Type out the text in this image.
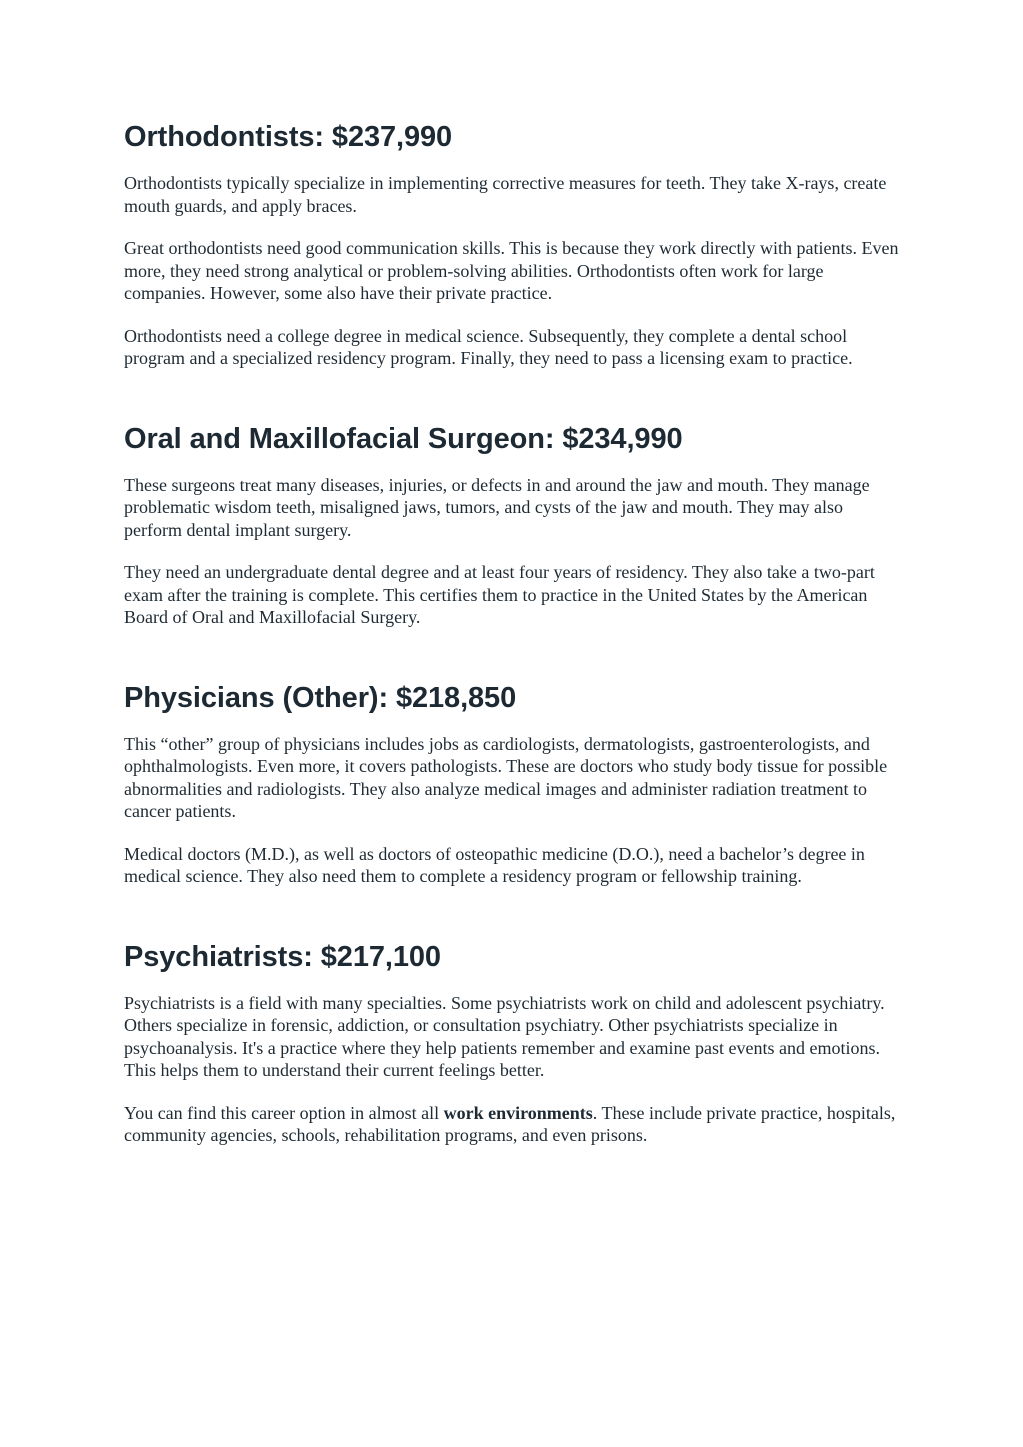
Orthodontists: $237,990

Orthodontists typically specialize in implementing corrective measures for teeth. They take X-rays, create mouth guards, and apply braces.

Great orthodontists need good communication skills. This is because they work directly with patients. Even more, they need strong analytical or problem-solving abilities. Orthodontists often work for large companies. However, some also have their private practice.

Orthodontists need a college degree in medical science. Subsequently, they complete a dental school program and a specialized residency program. Finally, they need to pass a licensing exam to practice.

Oral and Maxillofacial Surgeon: $234,990

These surgeons treat many diseases, injuries, or defects in and around the jaw and mouth. They manage problematic wisdom teeth, misaligned jaws, tumors, and cysts of the jaw and mouth. They may also perform dental implant surgery.

They need an undergraduate dental degree and at least four years of residency. They also take a two-part exam after the training is complete. This certifies them to practice in the United States by the American Board of Oral and Maxillofacial Surgery.

Physicians (Other): $218,850

This “other” group of physicians includes jobs as cardiologists, dermatologists, gastroenterologists, and ophthalmologists. Even more, it covers pathologists. These are doctors who study body tissue for possible abnormalities and radiologists. They also analyze medical images and administer radiation treatment to cancer patients.

Medical doctors (M.D.), as well as doctors of osteopathic medicine (D.O.), need a bachelor’s degree in medical science. They also need them to complete a residency program or fellowship training.

Psychiatrists: $217,100

Psychiatrists is a field with many specialties. Some psychiatrists work on child and adolescent psychiatry. Others specialize in forensic, addiction, or consultation psychiatry. Other psychiatrists specialize in psychoanalysis. It's a practice where they help patients remember and examine past events and emotions. This helps them to understand their current feelings better.

You can find this career option in almost all work environments. These include private practice, hospitals, community agencies, schools, rehabilitation programs, and even prisons.
